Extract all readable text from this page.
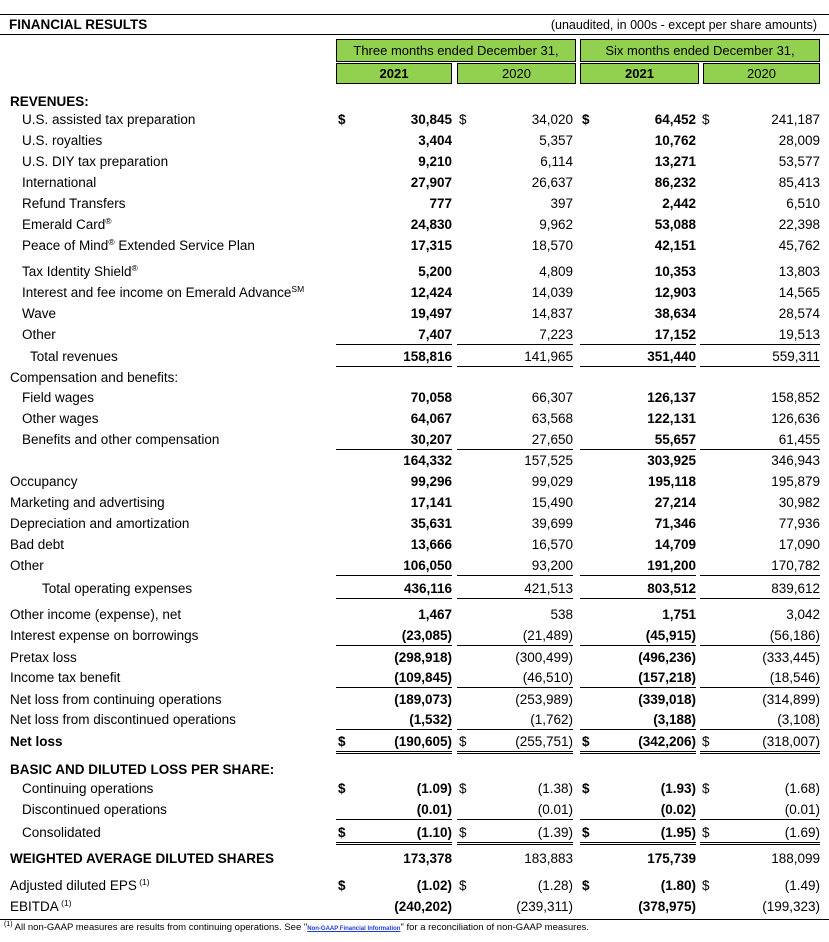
FINANCIAL RESULTS	(unaudited, in 000s - except per share amounts)
Three months ended December 31,	Six months ended December 31,
2021	2020	2021	2020
REVENUES:
U.S. assisted tax preparation	$	30,845 $	34,020 $	64,452 $	241,187
U.S. royalties	3,404	5,357	10,762	28,009
U.S. DIY tax preparation	9,210	6,114	13,271	53,577
International	27,907	26,637	86,232	85,413
Refund Transfers	777	397	2,442	6,510
Emerald Card®	24,830	9,962	53,088	22,398
Peace of Mind® Extended Service Plan	17,315	18,570	42,151	45,762
Tax Identity Shield®	5,200	4,809	10,353	13,803
Interest and fee income on Emerald Advance℠	12,424	14,039	12,903	14,565
Wave	19,497	14,837	38,634	28,574
Other	7,407	7,223	17,152	19,513
Total revenues	158,816	141,965	351,440	559,311
Compensation and benefits:
Field wages	70,058	66,307	126,137	158,852
Other wages	64,067	63,568	122,131	126,636
Benefits and other compensation	30,207	27,650	55,657	61,455
164,332	157,525	303,925	346,943
Occupancy	99,296	99,029	195,118	195,879
Marketing and advertising	17,141	15,490	27,214	30,982
Depreciation and amortization	35,631	39,699	71,346	77,936
Bad debt	13,666	16,570	14,709	17,090
Other	106,050	93,200	191,200	170,782
Total operating expenses	436,116	421,513	803,512	839,612
Other income (expense), net	1,467	538	1,751	3,042
Interest expense on borrowings	(23,085)	(21,489)	(45,915)	(56,186)
Pretax loss	(298,918)	(300,499)	(496,236)	(333,445)
Income tax benefit	(109,845)	(46,510)	(157,218)	(18,546)
Net loss from continuing operations	(189,073)	(253,989)	(339,018)	(314,899)
Net loss from discontinued operations	(1,532)	(1,762)	(3,188)	(3,108)
Net loss	$	(190,605) $	(255,751) $	(342,206) $	(318,007)
BASIC AND DILUTED LOSS PER SHARE:
Continuing operations	$	(1.09) $	(1.38) $	(1.93) $	(1.68)
Discontinued operations	(0.01)	(0.01)	(0.02)	(0.01)
Consolidated	$	(1.10) $	(1.39) $	(1.95) $	(1.69)
WEIGHTED AVERAGE DILUTED SHARES	173,378	183,883	175,739	188,099
Adjusted diluted EPS $^{(1)}$	$	(1.02) $	(1.28) $	(1.80) $	(1.49)
EBITDA $^{(1)}$	(240,202)	(239,311)	(378,975)	(199,323)
$^{(1)}$ All non-GAAP measures are results from continuing operations. See "Non-GAAP Financial Information" for a reconciliation of non-GAAP measures.
